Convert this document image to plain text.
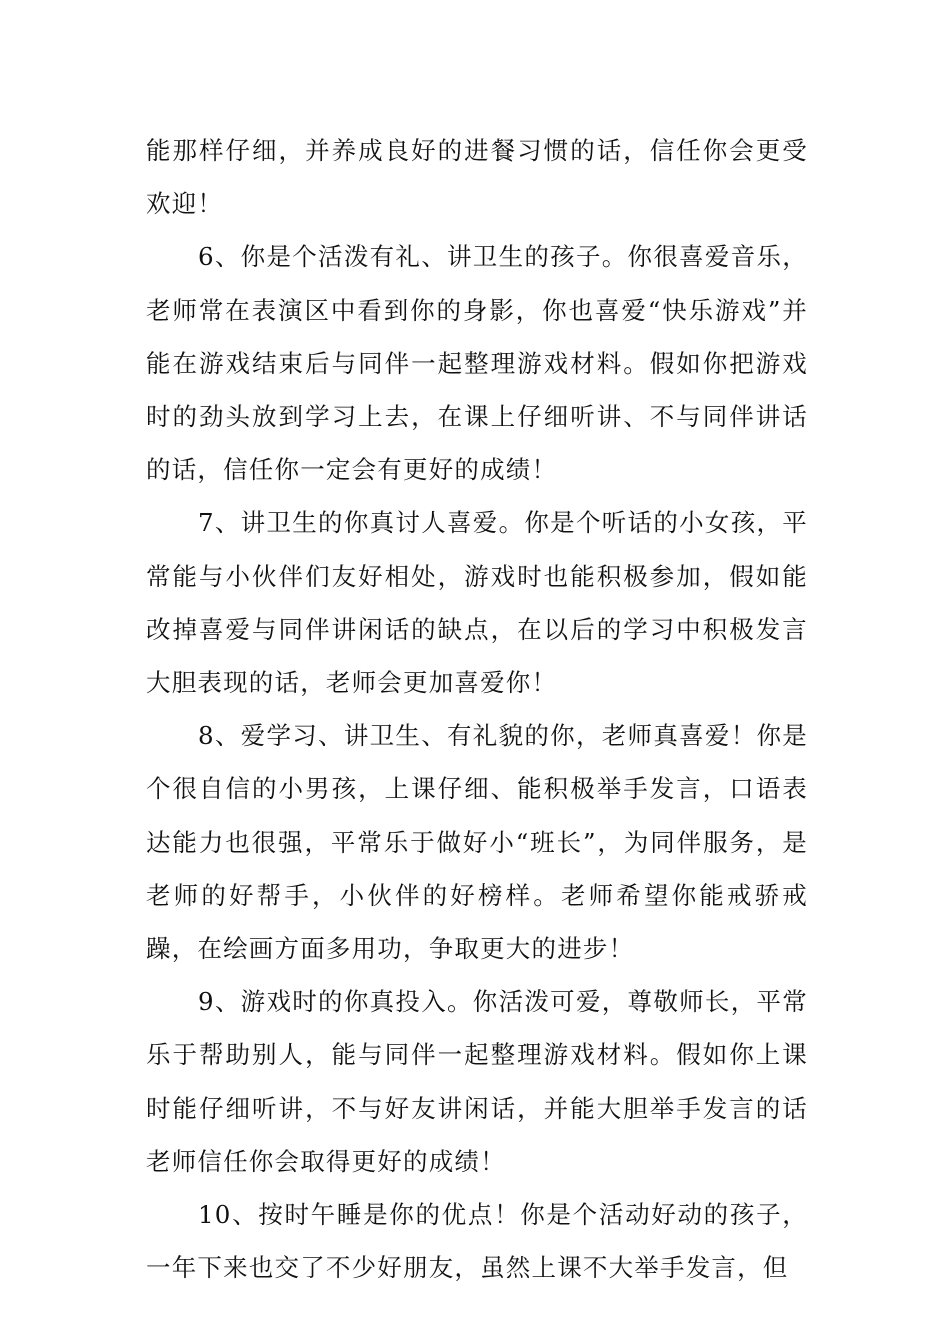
能那样仔细，并养成良好的进餐习惯的话，信任你会更受欢迎！

6、你是个活泼有礼、讲卫生的孩子。你很喜爱音乐，老师常在表演区中看到你的身影，你也喜爱“快乐游戏”并能在游戏结束后与同伴一起整理游戏材料。假如你把游戏时的劲头放到学习上去，在课上仔细听讲、不与同伴讲话的话，信任你一定会有更好的成绩！

7、讲卫生的你真讨人喜爱。你是个听话的小女孩，平常能与小伙伴们友好相处，游戏时也能积极参加，假如能改掉喜爱与同伴讲闲话的缺点，在以后的学习中积极发言大胆表现的话，老师会更加喜爱你！

8、爱学习、讲卫生、有礼貌的你，老师真喜爱！你是个很自信的小男孩，上课仔细、能积极举手发言，口语表达能力也很强，平常乐于做好小“班长”，为同伴服务，是老师的好帮手，小伙伴的好榜样。老师希望你能戒骄戒躁，在绘画方面多用功，争取更大的进步！

9、游戏时的你真投入。你活泼可爱，尊敬师长，平常乐于帮助别人，能与同伴一起整理游戏材料。假如你上课时能仔细听讲，不与好友讲闲话，并能大胆举手发言的话老师信任你会取得更好的成绩！

10、按时午睡是你的优点！你是个活动好动的孩子，一年下来也交了不少好朋友，虽然上课不大举手发言，但
